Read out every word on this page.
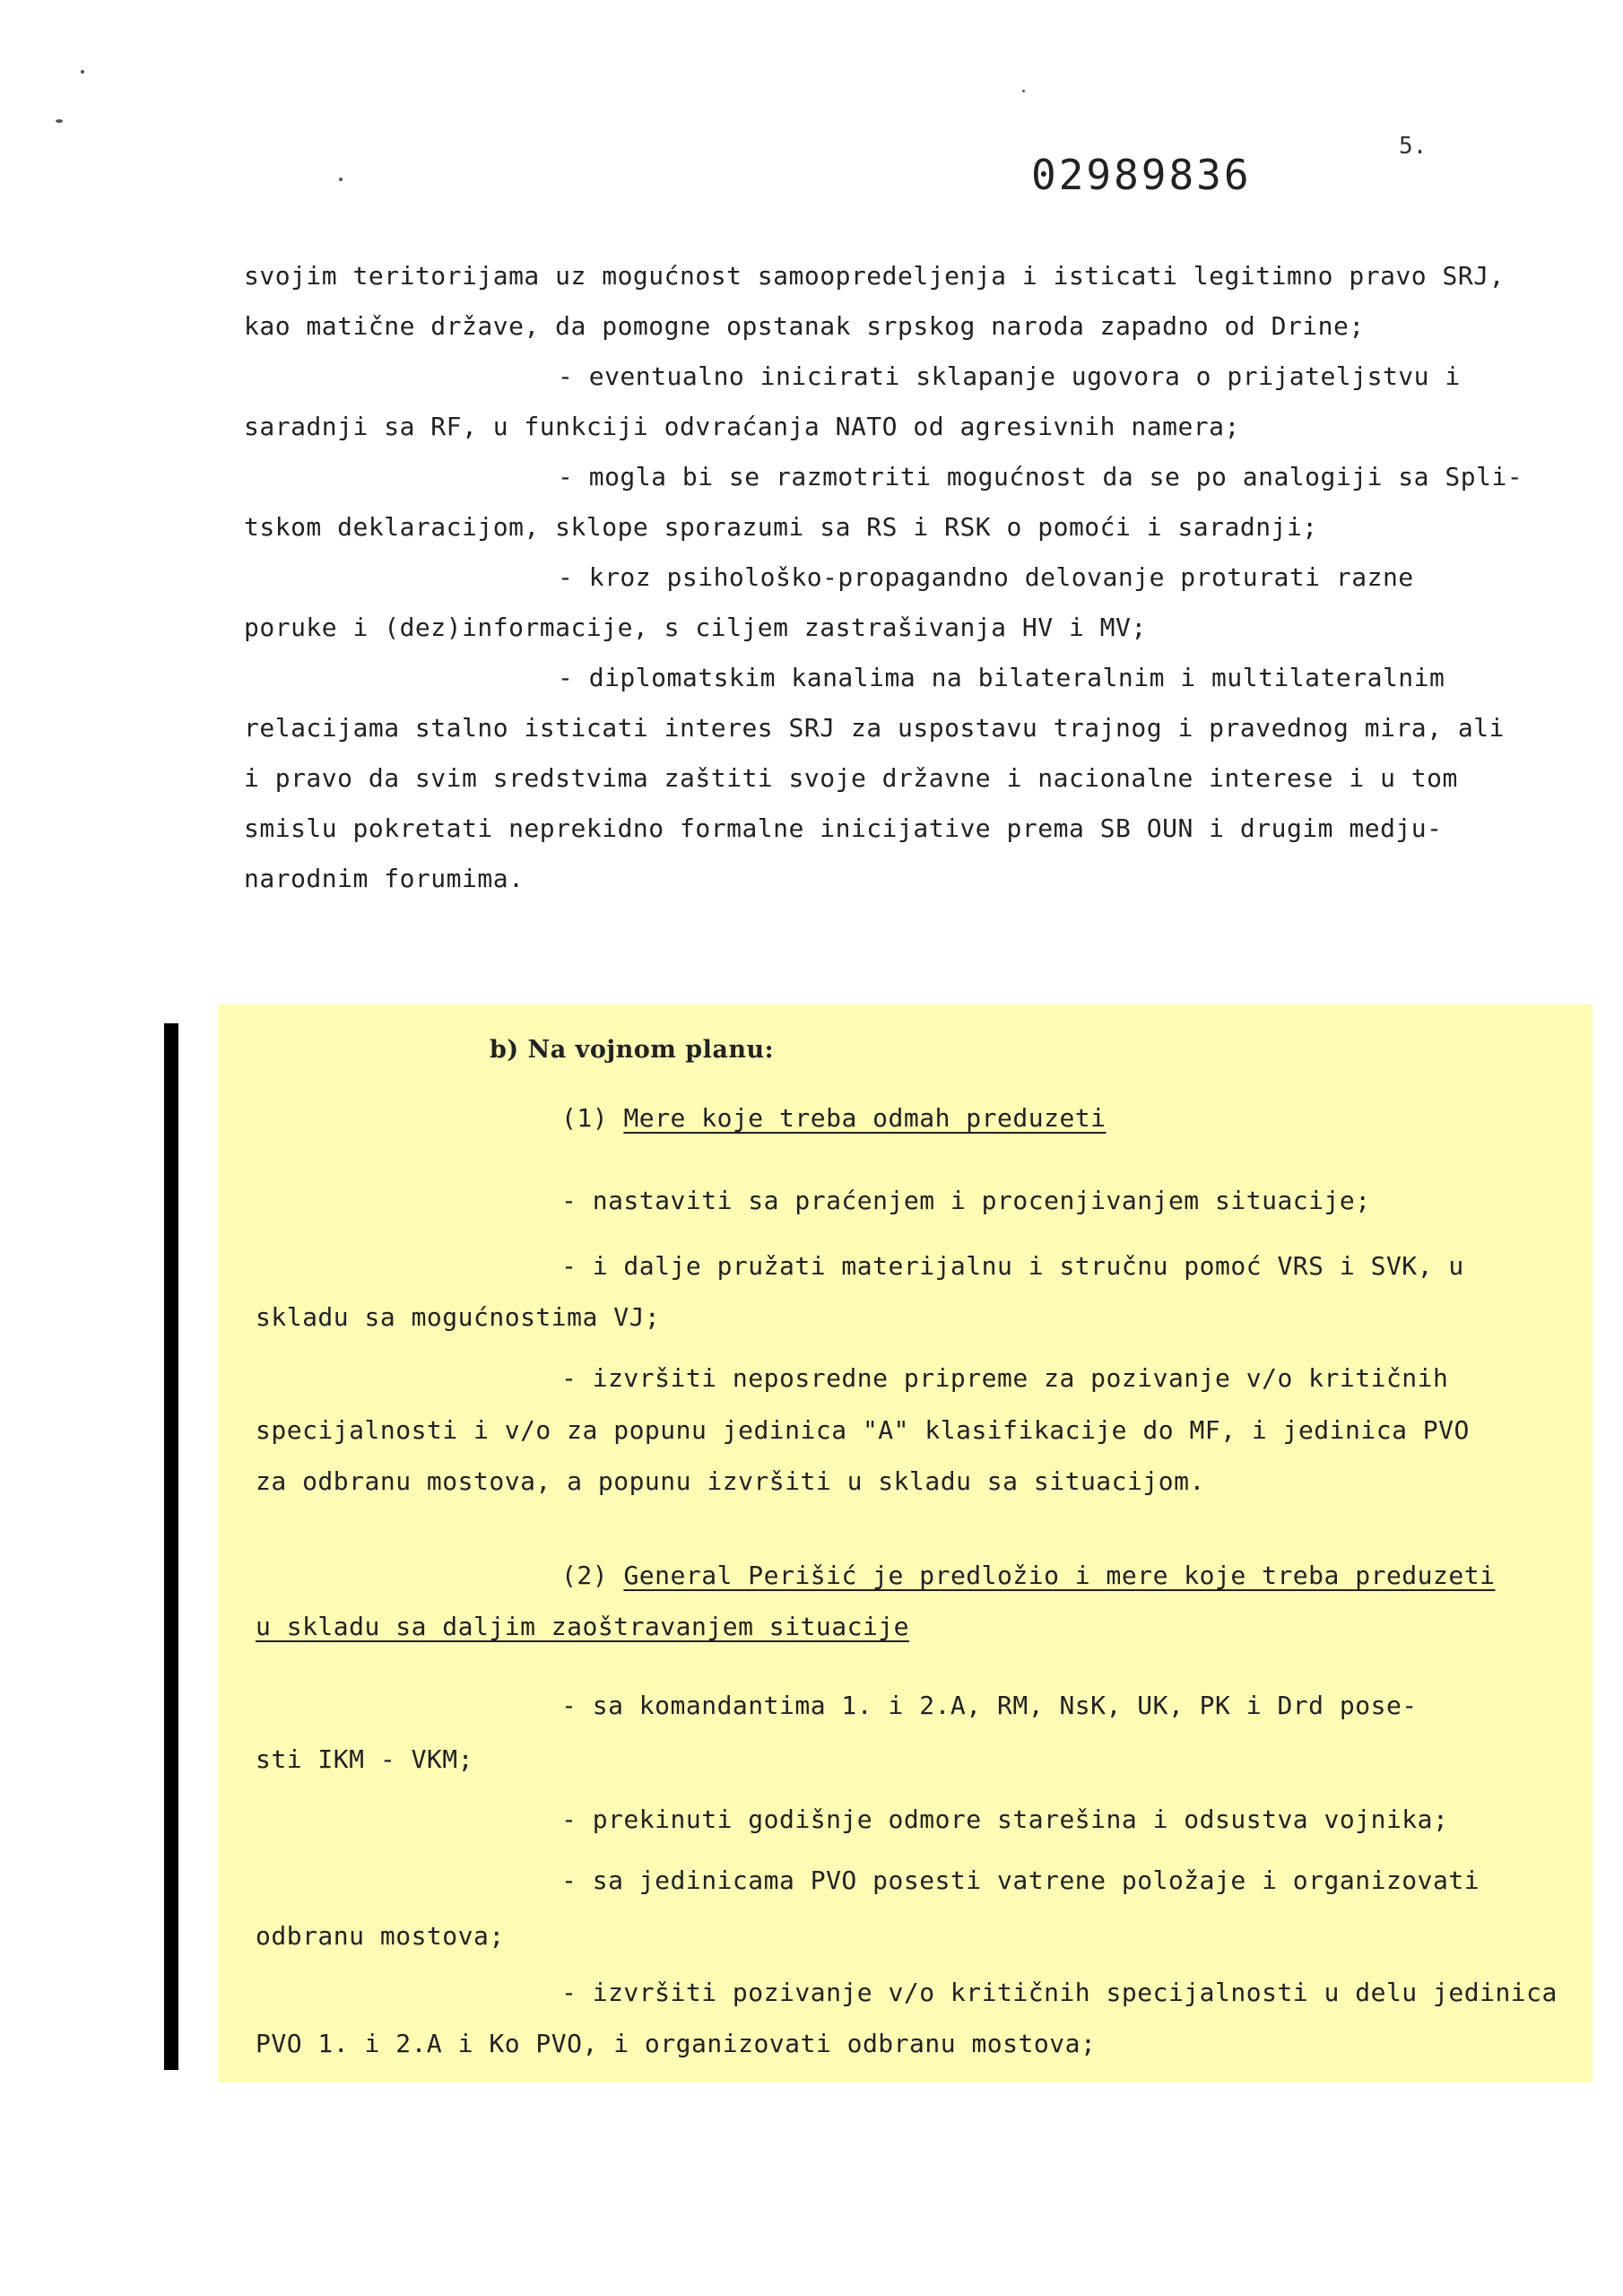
02989836
5.
svojim teritorijama uz mogućnost samoopredeljenja i isticati legitimno pravo SRJ,
kao matične države, da pomogne opstanak srpskog naroda zapadno od Drine;
- eventualno inicirati sklapanje ugovora o prijateljstvu i
saradnji sa RF, u funkciji odvraćanja NATO od agresivnih namera;
- mogla bi se razmotriti mogućnost da se po analogiji sa Spli-
tskom deklaracijom, sklope sporazumi sa RS i RSK o pomoći i saradnji;
- kroz psihološko-propagandno delovanje proturati razne
poruke i (dez)informacije, s ciljem zastrašivanja HV i MV;
- diplomatskim kanalima na bilateralnim i multilateralnim
relacijama stalno isticati interes SRJ za uspostavu trajnog i pravednog mira, ali
i pravo da svim sredstvima zaštiti svoje državne i nacionalne interese i u tom
smislu pokretati neprekidno formalne inicijative prema SB OUN i drugim medju-
narodnim forumima.
b) Na vojnom planu:
(1) Mere koje treba odmah preduzeti
- nastaviti sa praćenjem i procenjivanjem situacije;
- i dalje pružati materijalnu i stručnu pomoć VRS i SVK, u
skladu sa mogućnostima VJ;
- izvršiti neposredne pripreme za pozivanje v/o kritičnih
specijalnosti i v/o za popunu jedinica "A" klasifikacije do MF, i jedinica PVO
za odbranu mostova, a popunu izvršiti u skladu sa situacijom.
(2) General Perišić je predložio i mere koje treba preduzeti
u skladu sa daljim zaoštravanjem situacije
- sa komandantima 1. i 2.A, RM, NsK, UK, PK i Drd pose-
sti IKM - VKM;
- prekinuti godišnje odmore starešina i odsustva vojnika;
- sa jedinicama PVO posesti vatrene položaje i organizovati
odbranu mostova;
- izvršiti pozivanje v/o kritičnih specijalnosti u delu jedinica
PVO 1. i 2.A i Ko PVO, i organizovati odbranu mostova;
